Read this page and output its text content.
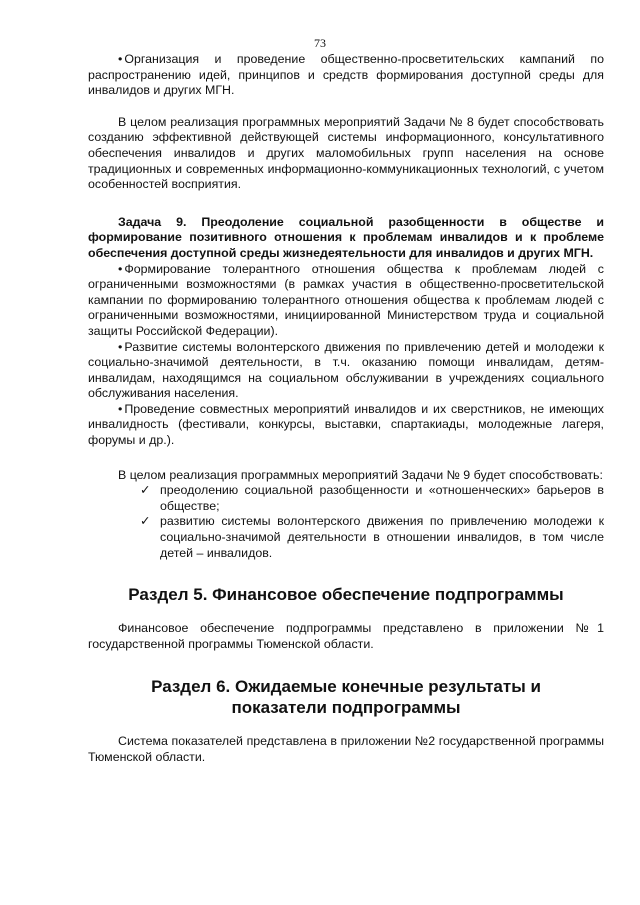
73

• Организация и проведение общественно-просветительских кампаний по распространению идей, принципов и средств формирования доступной среды для инвалидов и других МГН.

В целом реализация программных мероприятий Задачи № 8 будет способствовать созданию эффективной действующей системы информационного, консультативного обеспечения инвалидов и других маломобильных групп населения на основе традиционных и современных информационно-коммуникационных технологий, с учетом особенностей восприятия.

Задача 9. Преодоление социальной разобщенности в обществе и формирование позитивного отношения к проблемам инвалидов и к проблеме обеспечения доступной среды жизнедеятельности для инвалидов и других МГН.

• Формирование толерантного отношения общества к проблемам людей с ограниченными возможностями (в рамках участия в общественно-просветительской кампании по формированию толерантного отношения общества к проблемам людей с ограниченными возможностями, инициированной Министерством труда и социальной защиты Российской Федерации).

• Развитие системы волонтерского движения по привлечению детей и молодежи к социально-значимой деятельности, в т.ч. оказанию помощи инвалидам, детям-инвалидам, находящимся на социальном обслуживании в учреждениях социального обслуживания населения.

• Проведение совместных мероприятий инвалидов и их сверстников, не имеющих инвалидность (фестивали, конкурсы, выставки, спартакиады, молодежные лагеря, форумы и др.).

В целом реализация программных мероприятий Задачи № 9 будет способствовать:

✓ преодолению социальной разобщенности и «отношенческих» барьеров в обществе;
✓ развитию системы волонтерского движения по привлечению молодежи к социально-значимой деятельности в отношении инвалидов, в том числе детей – инвалидов.
Раздел 5. Финансовое обеспечение подпрограммы

Финансовое обеспечение подпрограммы представлено в приложении №1 государственной программы Тюменской области.

Раздел 6. Ожидаемые конечные результаты и
показатели подпрограммы

Система показателей представлена в приложении №2 государственной программы Тюменской области.
